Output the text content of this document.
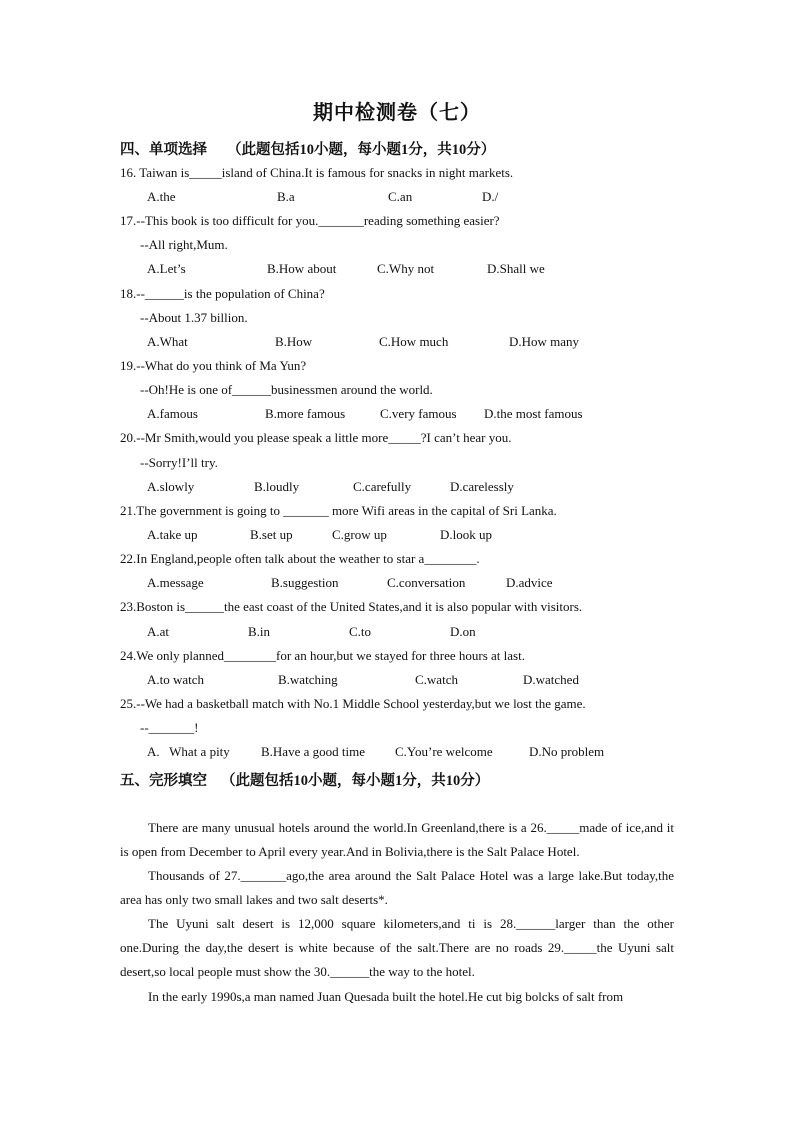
期中检测卷（七）
四、单项选择 （此题包括10小题，每小题1分，共10分）
16. Taiwan is_____island of China.It is famous for snacks in night markets.
A.the	B.a	C.an	D./
17.--This book is too difficult for you._______reading something easier?
--All right,Mum.
A.Let’s	B.How about	C.Why not	D.Shall we
18.--______is the population of China?
--About 1.37 billion.
A.What	B.How	C.How much	D.How many
19.--What do you think of Ma Yun?
--Oh!He is one of______businessmen around the world.
A.famous	B.more famous	C.very famous D.the most famous
20.--Mr Smith,would you please speak a little more_____?I can’t hear you.
--Sorry!I’ll try.
A.slowly	B.loudly	C.carefully	D.carelessly
21.The government is going to _______ more Wifi areas in the capital of Sri Lanka.
A.take up	B.set up	C.grow up	D.look up
22.In England,people often talk about the weather to star a________.
A.message	B.suggestion	C.conversation	D.advice
23.Boston is______the east coast of the United States,and it is also popular with visitors.
A.at	B.in	C.to	D.on
24.We only planned________for an hour,but we stayed for three hours at last.
A.to watch	B.watching	C.watch	D.watched
25.--We had a basketball match with No.1 Middle School yesterday,but we lost the game.
--_______!
A.   What a pity B.Have a good time C.You’re welcome	D.No problem
五、完形填空 （此题包括10小题，每小题1分，共10分）
There are many unusual hotels around the world.In Greenland,there is a 26._____made of ice,and it is open from December to April every year.And in Bolivia,there is the Salt Palace Hotel.
Thousands of 27._______ago,the area around the Salt Palace Hotel was a large lake.But today,the area has only two small lakes and two salt deserts*.
The Uyuni salt desert is 12,000 square kilometers,and ti is 28.______larger than the other one.During the day,the desert is white because of the salt.There are no roads 29._____the Uyuni salt desert,so local people must show the 30.______the way to the hotel.
In the early 1990s,a man named Juan Quesada built the hotel.He cut big bolcks of salt from
